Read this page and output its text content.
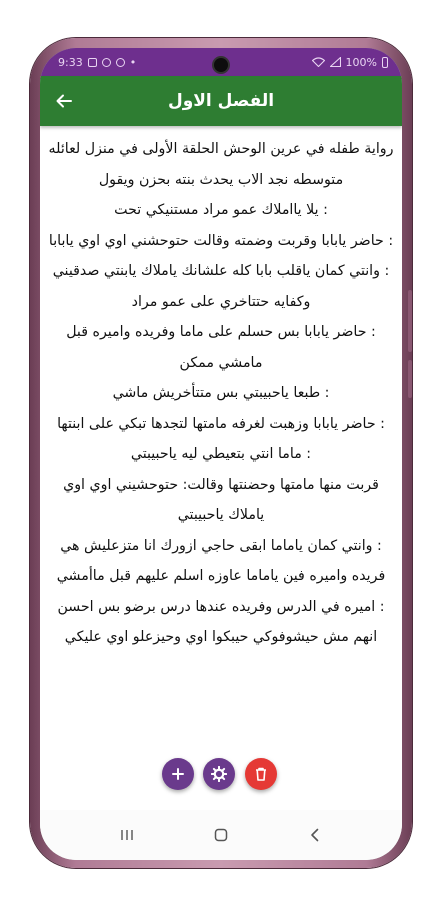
9:33	•	100%
الفصل الاول

رواية طفله في عرين الوحش الحلقة الأولى في منزل لعائله متوسطه نجد الاب يحدث بنته بحزن ويقول

: يلا يااملاك عمو مراد مستنيكي تحت

: حاضر يابابا وقربت وضمته وقالت حتوحشني اوي اوي يابابا

: وانتي كمان ياقلب بابا كله علشانك ياملاك يابنتي صدقيني وكفايه حتتاخري على عمو مراد

: حاضر يابابا بس حسلم على ماما وفريده واميره قبل مامشي ممكن

: طبعا ياحبيبتي بس متتأخريش ماشي

: حاضر يابابا وزهبت لغرفه مامتها لتجدها تبكي على ابنتها

: ماما انتي بتعيطي ليه ياحبيبتي

قربت منها مامتها وحضنتها وقالت: حتوحشيني اوي اوي ياملاك ياحبيبتي

: وانتي كمان ياماما ابقى حاجي ازورك انا متزعليش هي فريده واميره فين ياماما عاوزه اسلم عليهم قبل ماأمشي

: اميره في الدرس وفريده عندها درس برضو بس احسن انهم مش حيشوفوكي حيبكوا اوي وحيزعلو اوي عليكي
